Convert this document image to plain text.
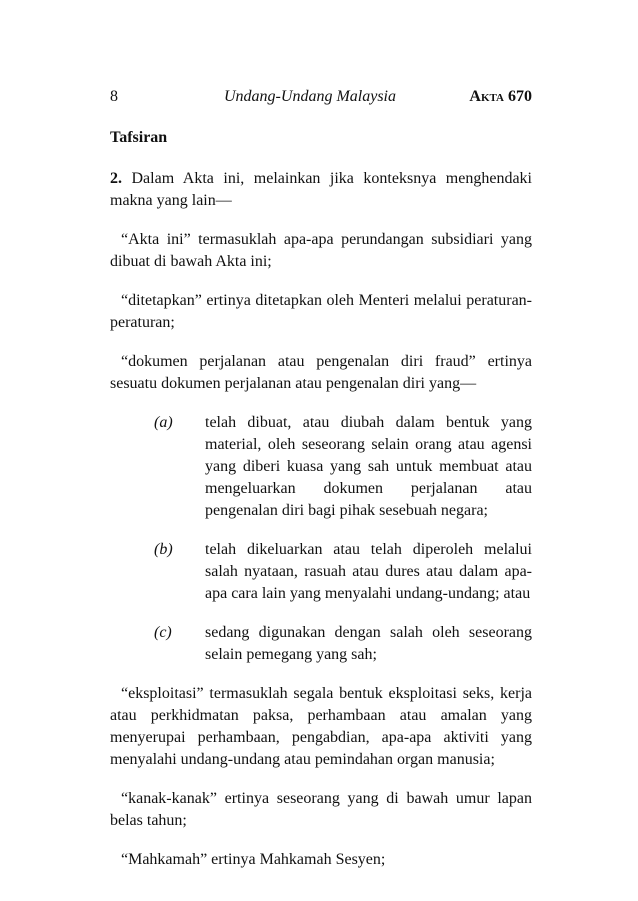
8	Undang-Undang Malaysia	Akta 670
Tafsiran

2. Dalam Akta ini, melainkan jika konteksnya menghendaki makna yang lain—

“Akta ini” termasuklah apa-apa perundangan subsidiari yang dibuat di bawah Akta ini;

“ditetapkan” ertinya ditetapkan oleh Menteri melalui peraturan-peraturan;

“dokumen perjalanan atau pengenalan diri fraud” ertinya sesuatu dokumen perjalanan atau pengenalan diri yang—

(a)	telah dibuat, atau diubah dalam bentuk yang material, oleh seseorang selain orang atau agensi yang diberi kuasa yang sah untuk membuat atau mengeluarkan dokumen perjalanan atau pengenalan diri bagi pihak sesebuah negara;
(b)	telah dikeluarkan atau telah diperoleh melalui salah nyataan, rasuah atau dures atau dalam apa-apa cara lain yang menyalahi undang-undang; atau
(c)	sedang digunakan dengan salah oleh seseorang selain pemegang yang sah;

“eksploitasi” termasuklah segala bentuk eksploitasi seks, kerja atau perkhidmatan paksa, perhambaan atau amalan yang menyerupai perhambaan, pengabdian, apa-apa aktiviti yang menyalahi undang-undang atau pemindahan organ manusia;

“kanak-kanak” ertinya seseorang yang di bawah umur lapan belas tahun;

“Mahkamah” ertinya Mahkamah Sesyen;
